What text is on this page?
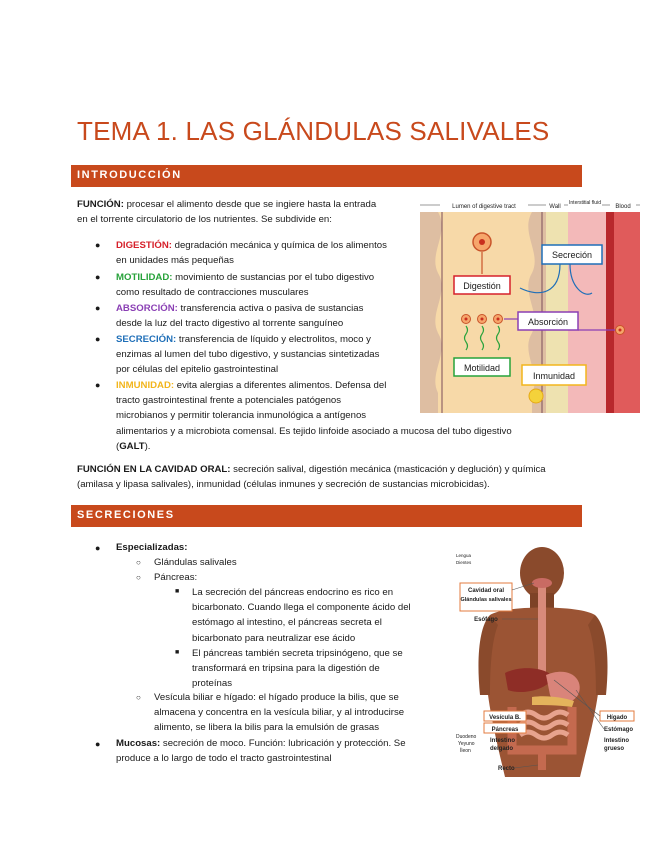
TEMA 1. LAS GLÁNDULAS SALIVALES
INTRODUCCIÓN
FUNCIÓN: procesar el alimento desde que se ingiere hasta la entrada
en el torrente circulatorio de los nutrientes. Se subdivide en:
● DIGESTIÓN: degradación mecánica y química de los alimentos
en unidades más pequeñas
● MOTILIDAD: movimiento de sustancias por el tubo digestivo
como resultado de contracciones musculares
● ABSORCIÓN: transferencia activa o pasiva de sustancias
desde la luz del tracto digestivo al torrente sanguíneo
● SECRECIÓN: transferencia de líquido y electrolitos, moco y
enzimas al lumen del tubo digestivo, y sustancias sintetizadas
por células del epitelio gastrointestinal
● INMUNIDAD: evita alergias a diferentes alimentos. Defensa del
tracto gastrointestinal frente a potenciales patógenos
microbianos y permitir tolerancia inmunológica a antígenos
alimentarios y a microbiota comensal. Es tejido linfoide asociado a mucosa del tubo digestivo
(GALT).
Lumen of digestive tract	Wall
Interstitial fluid
Blood
Secreción
Digestión
Absorción
Motilidad
Inmunidad
FUNCIÓN EN LA CAVIDAD ORAL: secreción salival, digestión mecánica (masticación y deglución) y química
(amilasa y lipasa salivales), inmunidad (células inmunes y secreción de sustancias microbicidas).
SECRECIONES
● Especializadas:
○ Glándulas salivales
○ Páncreas:
■ La secreción del páncreas endocrino es rico en
bicarbonato. Cuando llega el componente ácido del
estómago al intestino, el páncreas secreta el
bicarbonato para neutralizar ese ácido
■ El páncreas también secreta tripsinógeno, que se
transformará en tripsina para la digestión de
proteínas
○ Vesícula biliar e hígado: el hígado produce la bilis, que se
almacena y concentra en la vesícula biliar, y al introducirse
alimento, se libera la bilis para la emulsión de grasas
● Mucosas: secreción de moco. Función: lubricación y protección. Se
produce a lo largo de todo el tracto gastrointestinal
Lengua
Dientes
Cavidad oral
Glándulas salivales
Esófago
Vesícula B.
Páncreas
Duodeno
Yeyuno
Íleon
Intestino
delgado
Hígado
Estómago
Intestino
grueso
Recto
